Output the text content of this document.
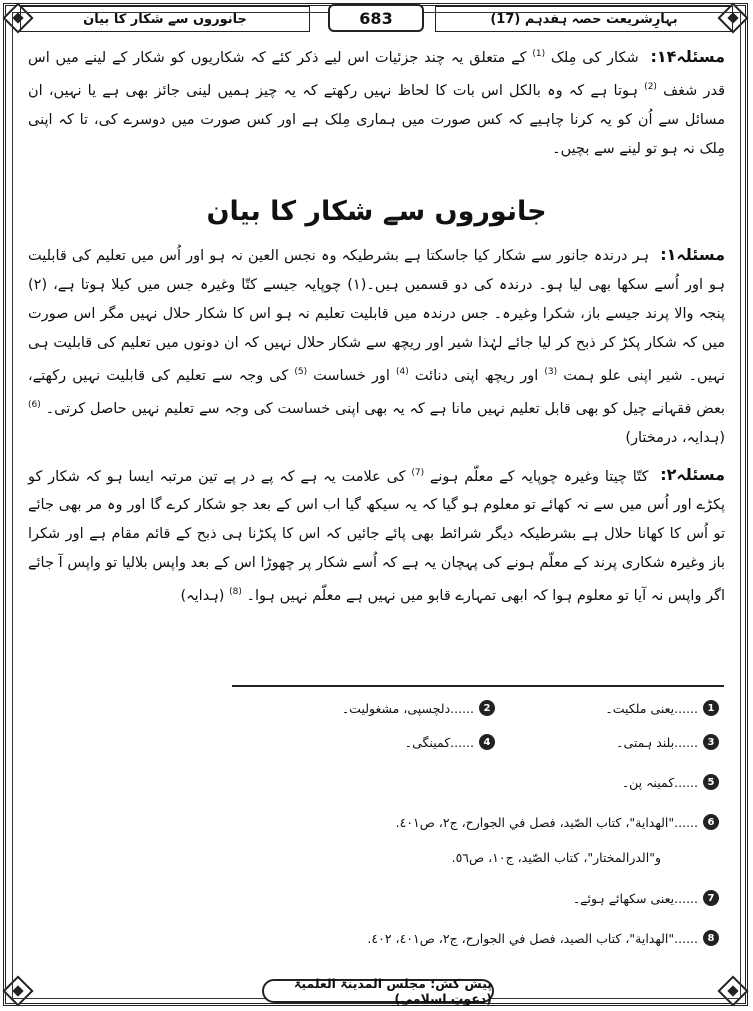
بہارِشریعت حصہ ہفدہم (17)
683
جانوروں سے شکار کا بیان

مسئلہ۱۴: شکار کی مِلک $^{(1)}$ کے متعلق یہ چند جزئیات اس لیے ذکر کئے کہ شکاریوں کو شکار کے لینے میں اس قدر شغف $^{(2)}$ ہوتا ہے کہ وہ بالکل اس بات کا لحاظ نہیں رکھتے کہ یہ چیز ہمیں لینی جائز بھی ہے یا نہیں، ان مسائل سے اُن کو یہ کرنا چاہیے کہ کس صورت میں ہماری مِلک ہے اور کس صورت میں دوسرے کی، تا کہ اپنی مِلک نہ ہو تو لینے سے بچیں۔

جانوروں سے شکار کا بیان

مسئلہ۱: ہر درندہ جانور سے شکار کیا جاسکتا ہے بشرطیکہ وہ نجس العین نہ ہو اور اُس میں تعلیم کی قابلیت ہو اور اُسے سکھا بھی لیا ہو۔ درندہ کی دو قسمیں ہیں۔(۱) چوپایہ جیسے کتّا وغیرہ جس میں کیلا ہوتا ہے، (۲) پنجہ والا پرند جیسے باز، شکرا وغیرہ۔ جس درندہ میں قابلیت تعلیم نہ ہو اس کا شکار حلال نہیں مگر اس صورت میں کہ شکار پکڑ کر ذبح کر لیا جائے لہٰذا شیر اور ریچھ سے شکار حلال نہیں کہ ان دونوں میں تعلیم کی قابلیت ہی نہیں۔ شیر اپنی علو ہمت $^{(3)}$ اور ریچھ اپنی دنائت $^{(4)}$ اور خساست $^{(5)}$ کی وجہ سے تعلیم کی قابلیت نہیں رکھتے، بعض فقہانے چیل کو بھی قابل تعلیم نہیں مانا ہے کہ یہ بھی اپنی خساست کی وجہ سے تعلیم نہیں حاصل کرتی۔ $^{(6)}$ (ہدایہ، درمختار)

مسئلہ۲: کتّا چیتا وغیرہ چوپایہ کے معلّم ہونے $^{(7)}$ کی علامت یہ ہے کہ پے در پے تین مرتبہ ایسا ہو کہ شکار کو پکڑے اور اُس میں سے نہ کھائے تو معلوم ہو گیا کہ یہ سیکھ گیا اب اس کے بعد جو شکار کرے گا اور وہ مر بھی جائے تو اُس کا کھانا حلال ہے بشرطیکہ دیگر شرائط بھی پائے جائیں کہ اس کا پکڑنا ہی ذبح کے قائم مقام ہے اور شکرا باز وغیرہ شکاری پرند کے معلّم ہونے کی پہچان یہ ہے کہ اُسے شکار پر چھوڑا اس کے بعد واپس بلالیا تو واپس آ جائے اگر واپس نہ آیا تو معلوم ہوا کہ ابھی تمہارے قابو میں نہیں ہے معلّم نہیں ہوا۔ $^{(8)}$ (ہدایہ)

1
......یعنی ملکیت۔
2
......دلچسپی، مشغولیت۔
3
......بلند ہمتی۔
4
......کمینگی۔
5
......کمینہ پن۔
6
......"الهداية"، كتاب الصّيد، فصل في الجوارح، ج٢، ص٤٠١.
و"الدرالمختار"، كتاب الصّيد، ج١٠، ص٥٦.
7
......یعنی سکھائے ہوئے۔
8
......"الهداية"، كتاب الصيد، فصل في الجوارح، ج٢، ص٤٠١، ٤٠٢.
پیش کش: مجلس المدینۃ العلمیۃ (دعوتِ اسلامی)
